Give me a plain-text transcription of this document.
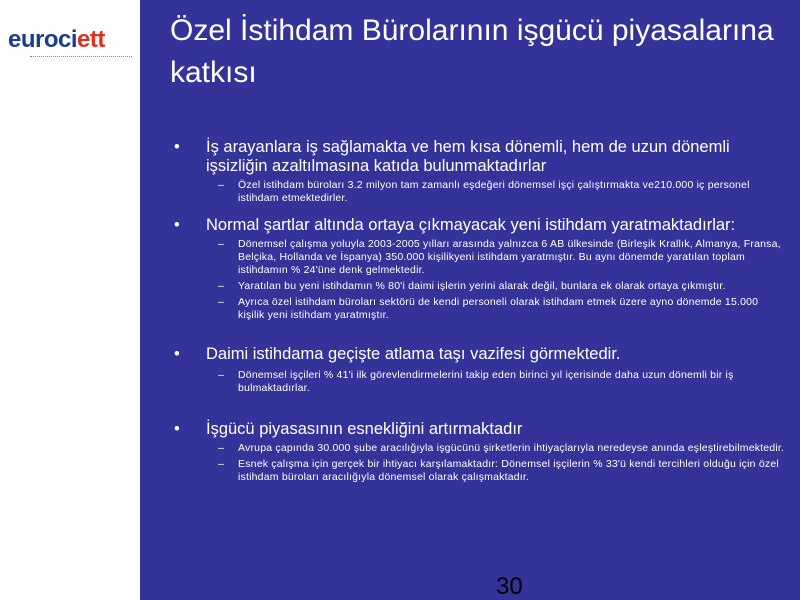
eurociett Özel İstihdam Bürolarının işgücü piyasalarına katkısı

• İş arayanlara iş sağlamakta ve hem kısa dönemli, hem de uzun dönemli işsizliğin azaltılmasına katıda bulunmaktadırlar

– Özel istihdam büroları 3.2 milyon tam zamanlı eşdeğeri dönemsel işçi çalıştırmakta ve210.000 iç personel istihdam etmektedirler.

• Normal şartlar altında ortaya çıkmayacak yeni istihdam yaratmaktadırlar:

– Dönemsel çalışma yoluyla 2003-2005 yılları arasında yalnızca 6 AB ülkesinde (Birleşik Krallık, Almanya, Fransa, Belçika, Hollanda ve İspanya) 350.000 kişilikyeni istihdam yaratmıştır. Bu aynı dönemde yaratılan toplam istihdamın % 24'üne denk gelmektedir.

– Yaratılan bu yeni istihdamın % 80'i daimi işlerin yerini alarak değil, bunlara ek olarak ortaya çıkmıştır.

– Ayrıca özel istihdam büroları sektörü de kendi personeli olarak istihdam etmek üzere ayno dönemde 15.000 kişilik yeni istihdam yaratmıştır.

• Daimi istihdama geçişte atlama taşı vazifesi görmektedir.

– Dönemsel işçileri % 41'i ilk görevlendirmelerini takip eden birinci yıl içerisinde daha uzun dönemli bir iş bulmaktadırlar.

• İşgücü piyasasının esnekliğini artırmaktadır

– Avrupa çapında 30.000 şube aracılığıyla işgücünü şirketlerin ihtiyaçlarıyla neredeyse anında eşleştirebilmektedir.

– Esnek çalışma için gerçek bir ihtiyacı karşılamaktadır: Dönemsel işçilerin % 33'ü kendi tercihleri olduğu için özel istihdam büroları aracılığıyla dönemsel olarak çalışmaktadır.

30
